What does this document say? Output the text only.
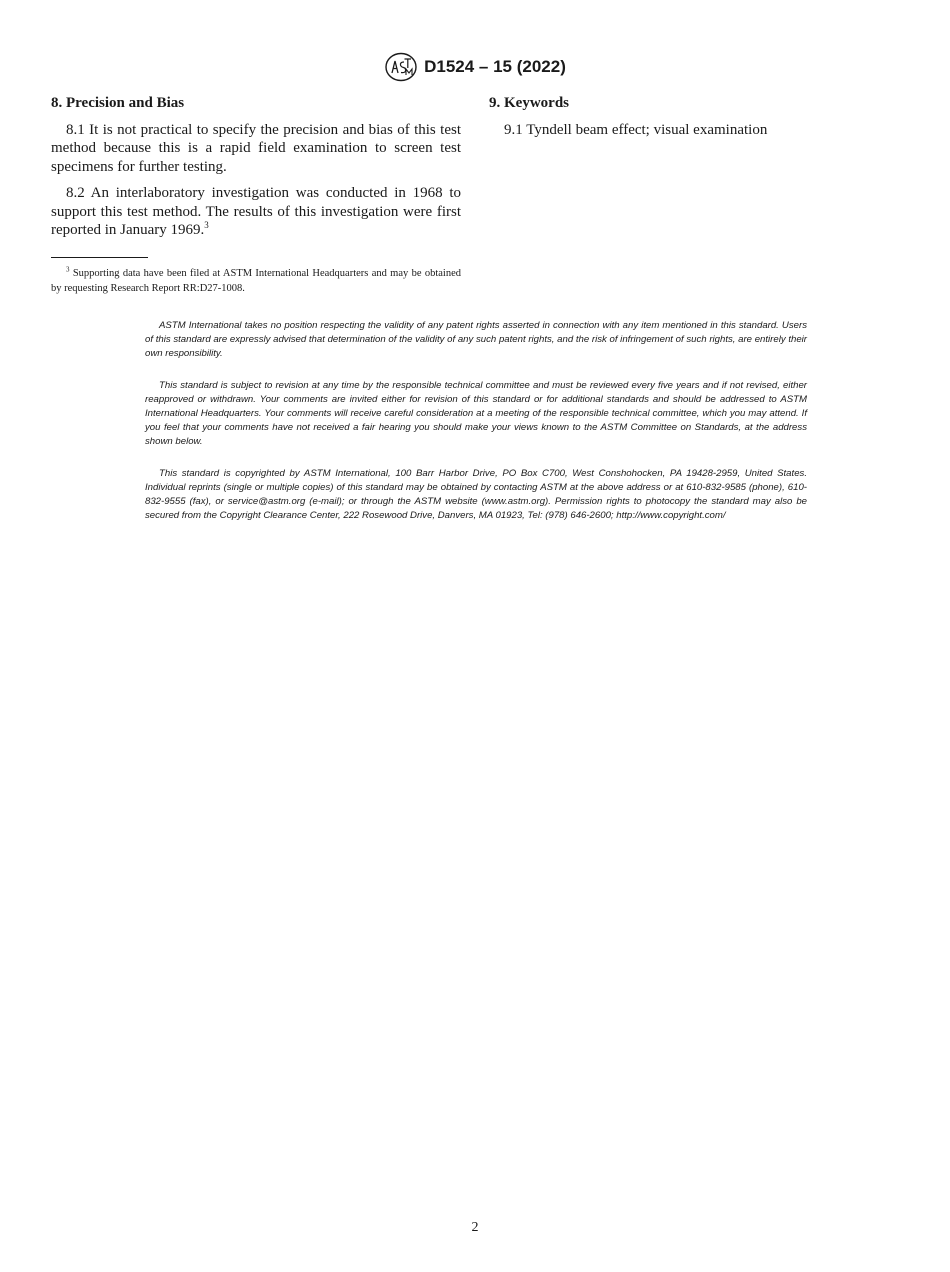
D1524 – 15 (2022)

8. Precision and Bias

8.1 It is not practical to specify the precision and bias of this test method because this is a rapid field examination to screen test specimens for further testing.

8.2 An interlaboratory investigation was conducted in 1968 to support this test method. The results of this investigation were first reported in January 1969.$^3$

9. Keywords

9.1 Tyndell beam effect; visual examination

$^3$ Supporting data have been filed at ASTM International Headquarters and may be obtained by requesting Research Report RR:D27-1008.

ASTM International takes no position respecting the validity of any patent rights asserted in connection with any item mentioned in this standard. Users of this standard are expressly advised that determination of the validity of any such patent rights, and the risk of infringement of such rights, are entirely their own responsibility.

This standard is subject to revision at any time by the responsible technical committee and must be reviewed every five years and if not revised, either reapproved or withdrawn. Your comments are invited either for revision of this standard or for additional standards and should be addressed to ASTM International Headquarters. Your comments will receive careful consideration at a meeting of the responsible technical committee, which you may attend. If you feel that your comments have not received a fair hearing you should make your views known to the ASTM Committee on Standards, at the address shown below.

This standard is copyrighted by ASTM International, 100 Barr Harbor Drive, PO Box C700, West Conshohocken, PA 19428-2959, United States. Individual reprints (single or multiple copies) of this standard may be obtained by contacting ASTM at the above address or at 610-832-9585 (phone), 610-832-9555 (fax), or service@astm.org (e-mail); or through the ASTM website (www.astm.org). Permission rights to photocopy the standard may also be secured from the Copyright Clearance Center, 222 Rosewood Drive, Danvers, MA 01923, Tel: (978) 646-2600; http://www.copyright.com/

2
